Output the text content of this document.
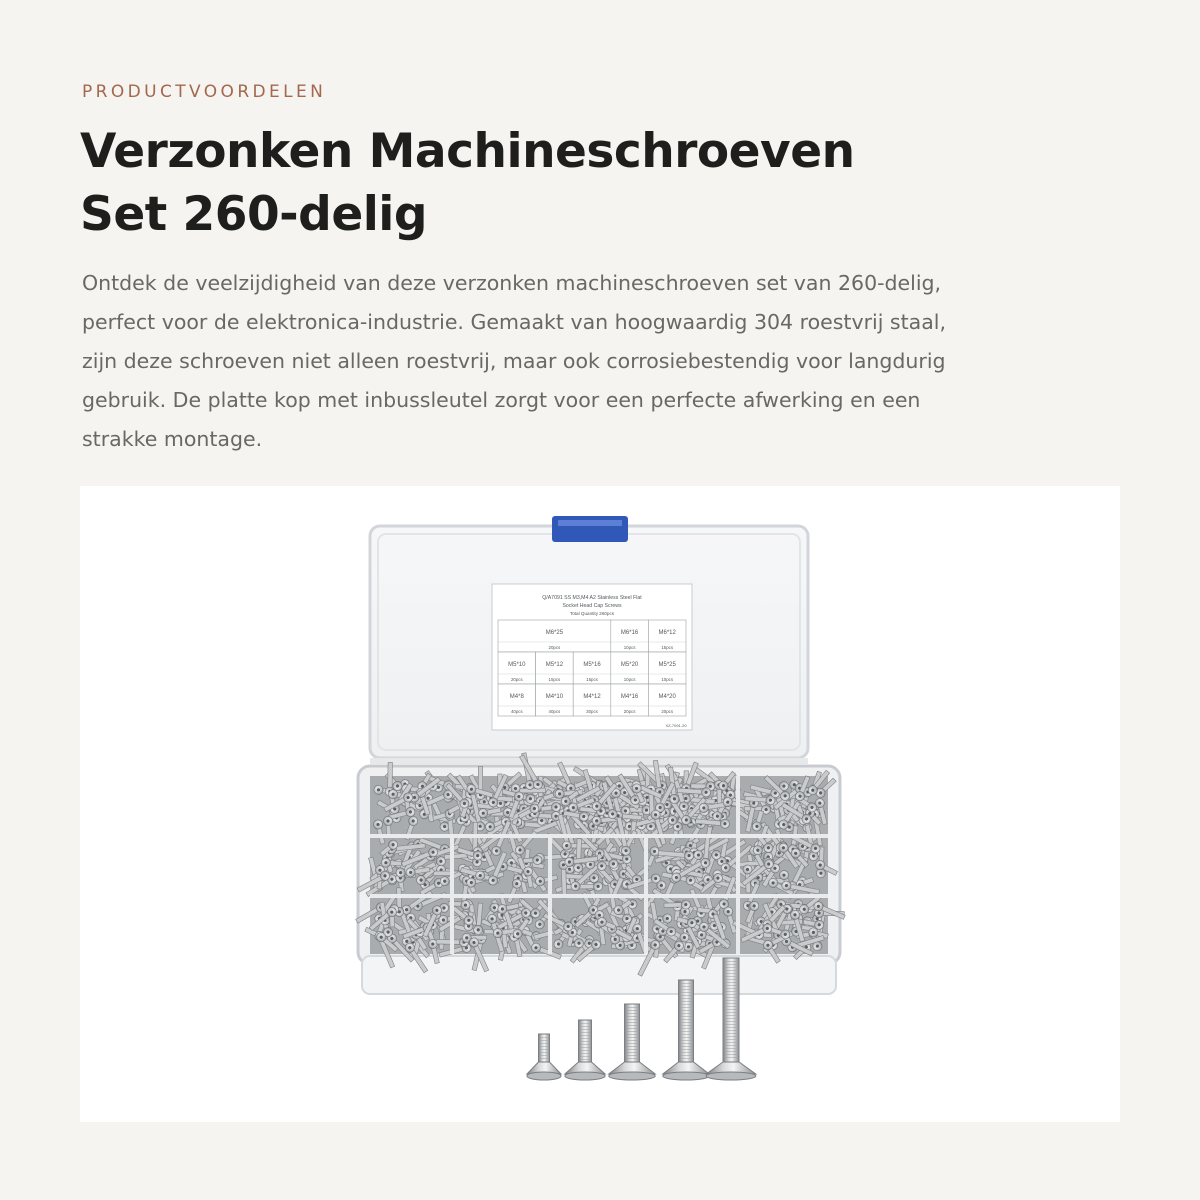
PRODUCTVOORDELEN
Verzonken Machineschroeven
Set 260-delig

Ontdek de veelzijdigheid van deze verzonken machineschroeven set van 260-delig,
perfect voor de elektronica-industrie. Gemaakt van hoogwaardig 304 roestvrij staal,
zijn deze schroeven niet alleen roestvrij, maar ook corrosiebestendig voor langdurig
gebruik. De platte kop met inbussleutel zorgt voor een perfecte afwerking en een
strakke montage.

Q/A7091 SS M3,M4 A2 Stainless Steel Flat
Socket Head Cap Screws
Total Quantity 260pcs
M6*25
20pcs
M6*16
10pcs
M6*12
15pcs
M5*10
20pcs
M5*12
15pcs
M5*16
15pcs
M5*20
10pcs
M5*25
10pcs
M4*8
40pcs
M4*10
40pcs
M4*12
30pcs
M4*16
20pcs
M4*20
20pcs
XZ-7091-20
